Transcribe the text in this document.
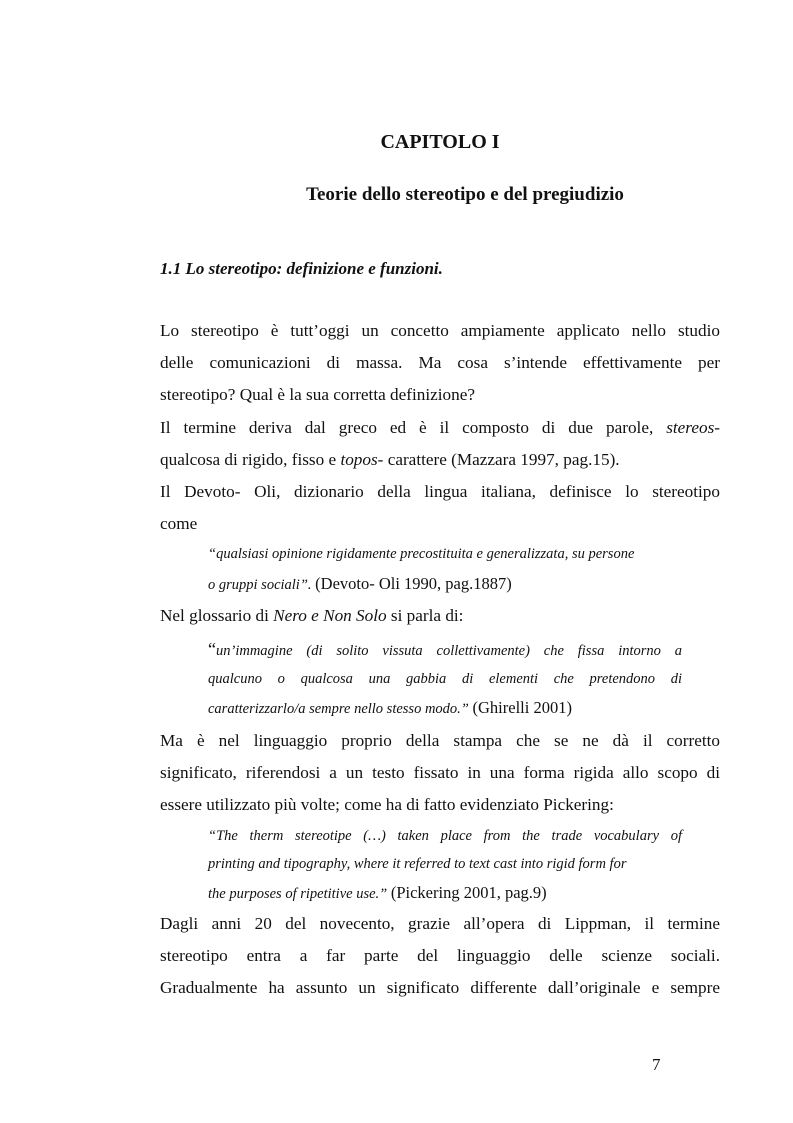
CAPITOLO I
Teorie dello stereotipo e del pregiudizio
1.1 Lo stereotipo: definizione e funzioni.
Lo stereotipo è tutt’oggi un concetto ampiamente applicato nello studio
delle comunicazioni di massa. Ma cosa s’intende effettivamente per
stereotipo? Qual è la sua corretta definizione?
Il termine deriva dal greco ed è il composto di due parole, stereos-
qualcosa di rigido, fisso e topos- carattere (Mazzara 1997, pag.15).
Il Devoto- Oli, dizionario della lingua italiana, definisce lo stereotipo
come
“qualsiasi opinione rigidamente precostituita e generalizzata, su persone
o gruppi sociali”. (Devoto- Oli 1990, pag.1887)
Nel glossario di Nero e Non Solo si parla di:
“un’immagine (di solito vissuta collettivamente) che fissa intorno a
qualcuno o qualcosa una gabbia di elementi che pretendono di
caratterizzarlo/a sempre nello stesso modo.” (Ghirelli 2001)
Ma è nel linguaggio proprio della stampa che se ne dà il corretto
significato, riferendosi a un testo fissato in una forma rigida allo scopo di
essere utilizzato più volte; come ha di fatto evidenziato Pickering:
“The therm stereotipe (…) taken place from the trade vocabulary of
printing and tipography, where it referred to text cast into rigid form for
the purposes of ripetitive use.” (Pickering 2001, pag.9)
Dagli anni 20 del novecento, grazie all’opera di Lippman, il termine
stereotipo entra a far parte del linguaggio delle scienze sociali.
Gradualmente ha assunto un significato differente dall’originale e sempre
7
